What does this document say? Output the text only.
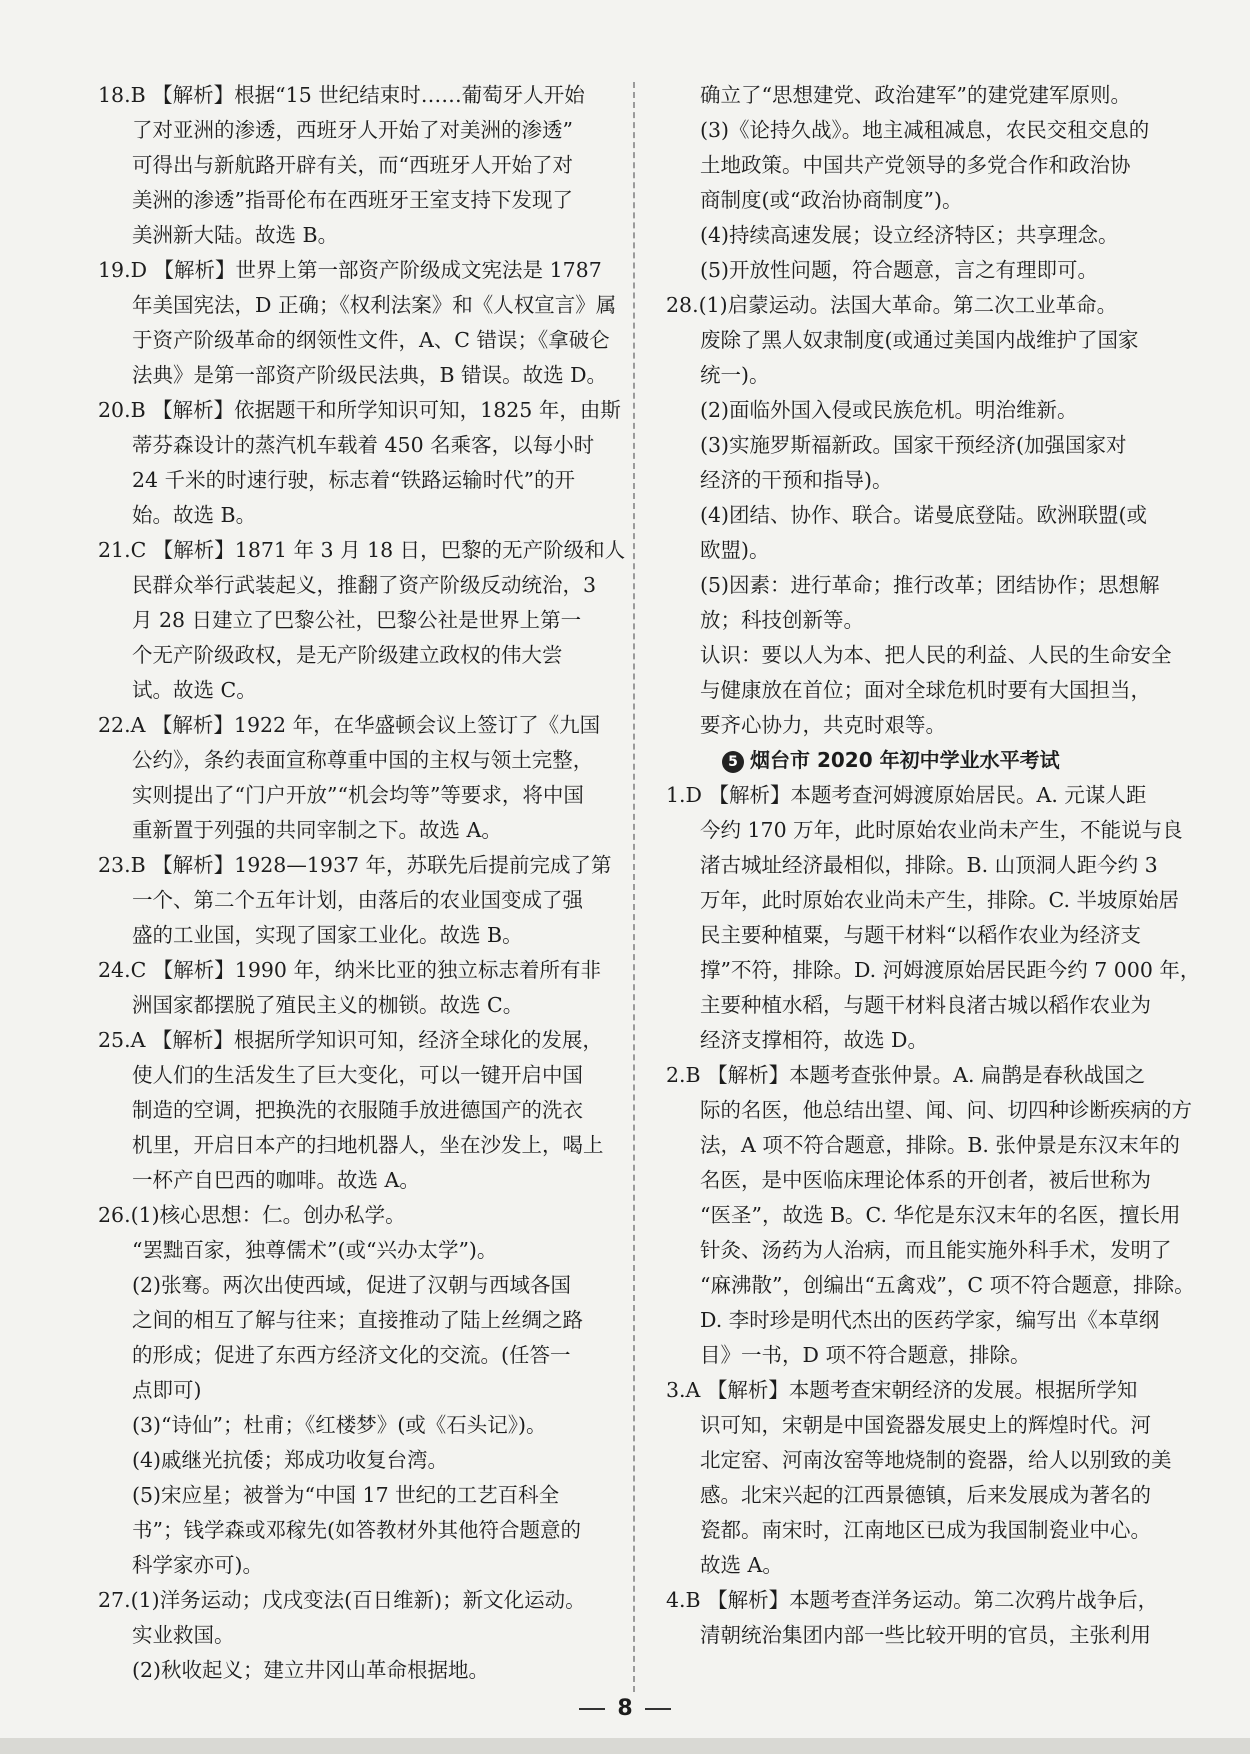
18.B 【解析】根据“15 世纪结束时……葡萄牙人开始
了对亚洲的渗透，西班牙人开始了对美洲的渗透”
可得出与新航路开辟有关，而“西班牙人开始了对
美洲的渗透”指哥伦布在西班牙王室支持下发现了
美洲新大陆。故选 B。
19.D 【解析】世界上第一部资产阶级成文宪法是 1787
年美国宪法，D 正确；《权利法案》和《人权宣言》属
于资产阶级革命的纲领性文件，A、C 错误；《拿破仑
法典》是第一部资产阶级民法典，B 错误。故选 D。
20.B 【解析】依据题干和所学知识可知，1825 年，由斯
蒂芬森设计的蒸汽机车载着 450 名乘客，以每小时
24 千米的时速行驶，标志着“铁路运输时代”的开
始。故选 B。
21.C 【解析】1871 年 3 月 18 日，巴黎的无产阶级和人
民群众举行武装起义，推翻了资产阶级反动统治，3
月 28 日建立了巴黎公社，巴黎公社是世界上第一
个无产阶级政权，是无产阶级建立政权的伟大尝
试。故选 C。
22.A 【解析】1922 年，在华盛顿会议上签订了《九国
公约》，条约表面宣称尊重中国的主权与领土完整，
实则提出了“门户开放”“机会均等”等要求，将中国
重新置于列强的共同宰制之下。故选 A。
23.B 【解析】1928—1937 年，苏联先后提前完成了第
一个、第二个五年计划，由落后的农业国变成了强
盛的工业国，实现了国家工业化。故选 B。
24.C 【解析】1990 年，纳米比亚的独立标志着所有非
洲国家都摆脱了殖民主义的枷锁。故选 C。
25.A 【解析】根据所学知识可知，经济全球化的发展，
使人们的生活发生了巨大变化，可以一键开启中国
制造的空调，把换洗的衣服随手放进德国产的洗衣
机里，开启日本产的扫地机器人，坐在沙发上，喝上
一杯产自巴西的咖啡。故选 A。
26.(1)核心思想：仁。创办私学。
“罢黜百家，独尊儒术”(或“兴办太学”)。
(2)张骞。两次出使西域，促进了汉朝与西域各国
之间的相互了解与往来；直接推动了陆上丝绸之路
的形成；促进了东西方经济文化的交流。(任答一
点即可)
(3)“诗仙”；杜甫；《红楼梦》(或《石头记》)。
(4)戚继光抗倭；郑成功收复台湾。
(5)宋应星；被誉为“中国 17 世纪的工艺百科全
书”；钱学森或邓稼先(如答教材外其他符合题意的
科学家亦可)。
27.(1)洋务运动；戊戌变法(百日维新)；新文化运动。
实业救国。
(2)秋收起义；建立井冈山革命根据地。
确立了“思想建党、政治建军”的建党建军原则。
(3)《论持久战》。地主减租减息，农民交租交息的
土地政策。中国共产党领导的多党合作和政治协
商制度(或“政治协商制度”)。
(4)持续高速发展；设立经济特区；共享理念。
(5)开放性问题，符合题意，言之有理即可。
28.(1)启蒙运动。法国大革命。第二次工业革命。
废除了黑人奴隶制度(或通过美国内战维护了国家
统一)。
(2)面临外国入侵或民族危机。明治维新。
(3)实施罗斯福新政。国家干预经济(加强国家对
经济的干预和指导)。
(4)团结、协作、联合。诺曼底登陆。欧洲联盟(或
欧盟)。
(5)因素：进行革命；推行改革；团结协作；思想解
放；科技创新等。
认识：要以人为本、把人民的利益、人民的生命安全
与健康放在首位；面对全球危机时要有大国担当，
要齐心协力，共克时艰等。
5 烟台市 2020 年初中学业水平考试
1.D 【解析】本题考查河姆渡原始居民。A. 元谋人距
今约 170 万年，此时原始农业尚未产生，不能说与良
渚古城址经济最相似，排除。B. 山顶洞人距今约 3
万年，此时原始农业尚未产生，排除。C. 半坡原始居
民主要种植粟，与题干材料“以稻作农业为经济支
撑”不符，排除。D. 河姆渡原始居民距今约 7 000 年，
主要种植水稻，与题干材料良渚古城以稻作农业为
经济支撑相符，故选 D。
2.B 【解析】本题考查张仲景。A. 扁鹊是春秋战国之
际的名医，他总结出望、闻、问、切四种诊断疾病的方
法，A 项不符合题意，排除。B. 张仲景是东汉末年的
名医，是中医临床理论体系的开创者，被后世称为
“医圣”，故选 B。C. 华佗是东汉末年的名医，擅长用
针灸、汤药为人治病，而且能实施外科手术，发明了
“麻沸散”，创编出“五禽戏”，C 项不符合题意，排除。
D. 李时珍是明代杰出的医药学家，编写出《本草纲
目》一书，D 项不符合题意，排除。
3.A 【解析】本题考查宋朝经济的发展。根据所学知
识可知，宋朝是中国瓷器发展史上的辉煌时代。河
北定窑、河南汝窑等地烧制的瓷器，给人以别致的美
感。北宋兴起的江西景德镇，后来发展成为著名的
瓷都。南宋时，江南地区已成为我国制瓷业中心。
故选 A。
4.B 【解析】本题考查洋务运动。第二次鸦片战争后，
清朝统治集团内部一些比较开明的官员，主张利用
8
